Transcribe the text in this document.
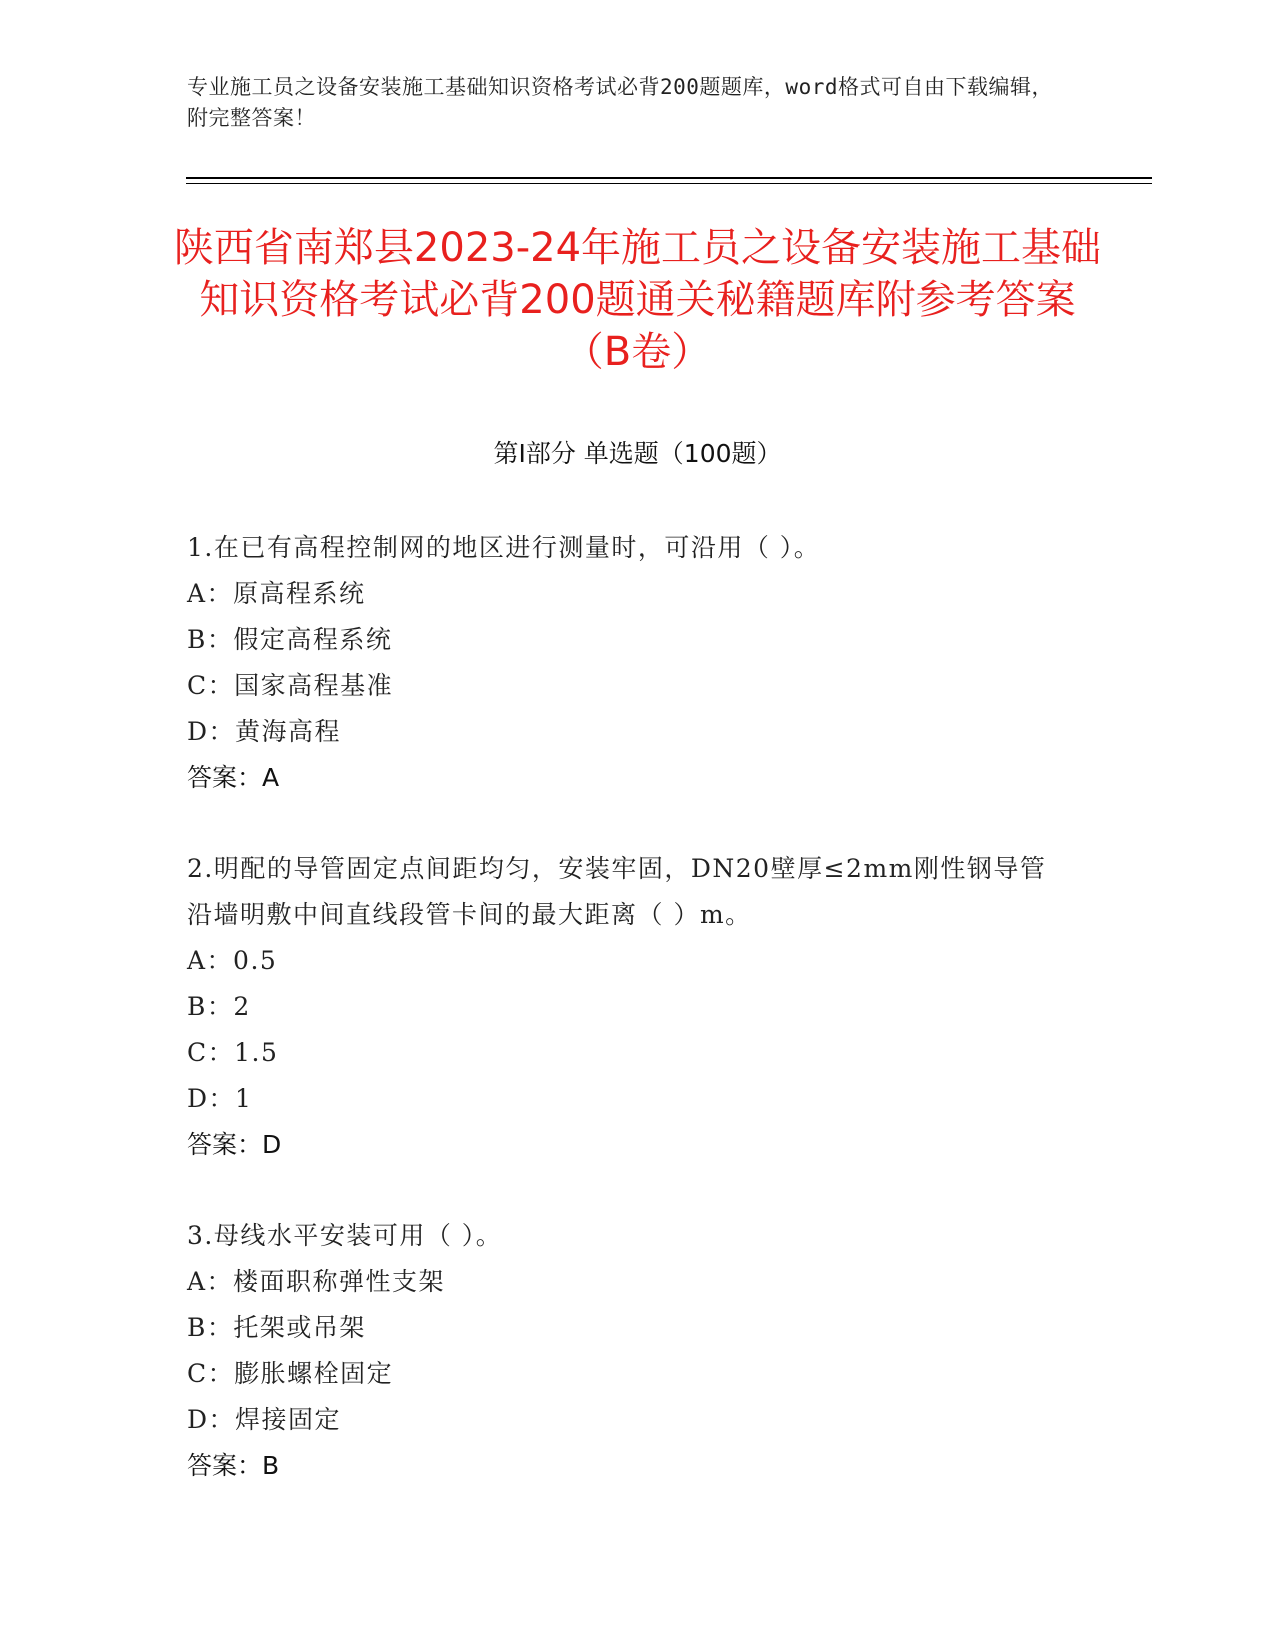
专业施工员之设备安装施工基础知识资格考试必背200题题库，word格式可自由下载编辑，附完整答案！
陕西省南郑县2023-24年施工员之设备安装施工基础知识资格考试必背200题通关秘籍题库附参考答案（B卷）
第I部分 单选题（100题）
1.在已有高程控制网的地区进行测量时，可沿用（ ）。
A：原高程系统
B：假定高程系统
C：国家高程基准
D：黄海高程
答案：A
2.明配的导管固定点间距均匀，安装牢固，DN20壁厚≤2mm刚性钢导管沿墙明敷中间直线段管卡间的最大距离（ ）m。
A：0.5
B：2
C：1.5
D：1
答案：D
3.母线水平安装可用（ ）。
A：楼面职称弹性支架
B：托架或吊架
C：膨胀螺栓固定
D：焊接固定
答案：B
